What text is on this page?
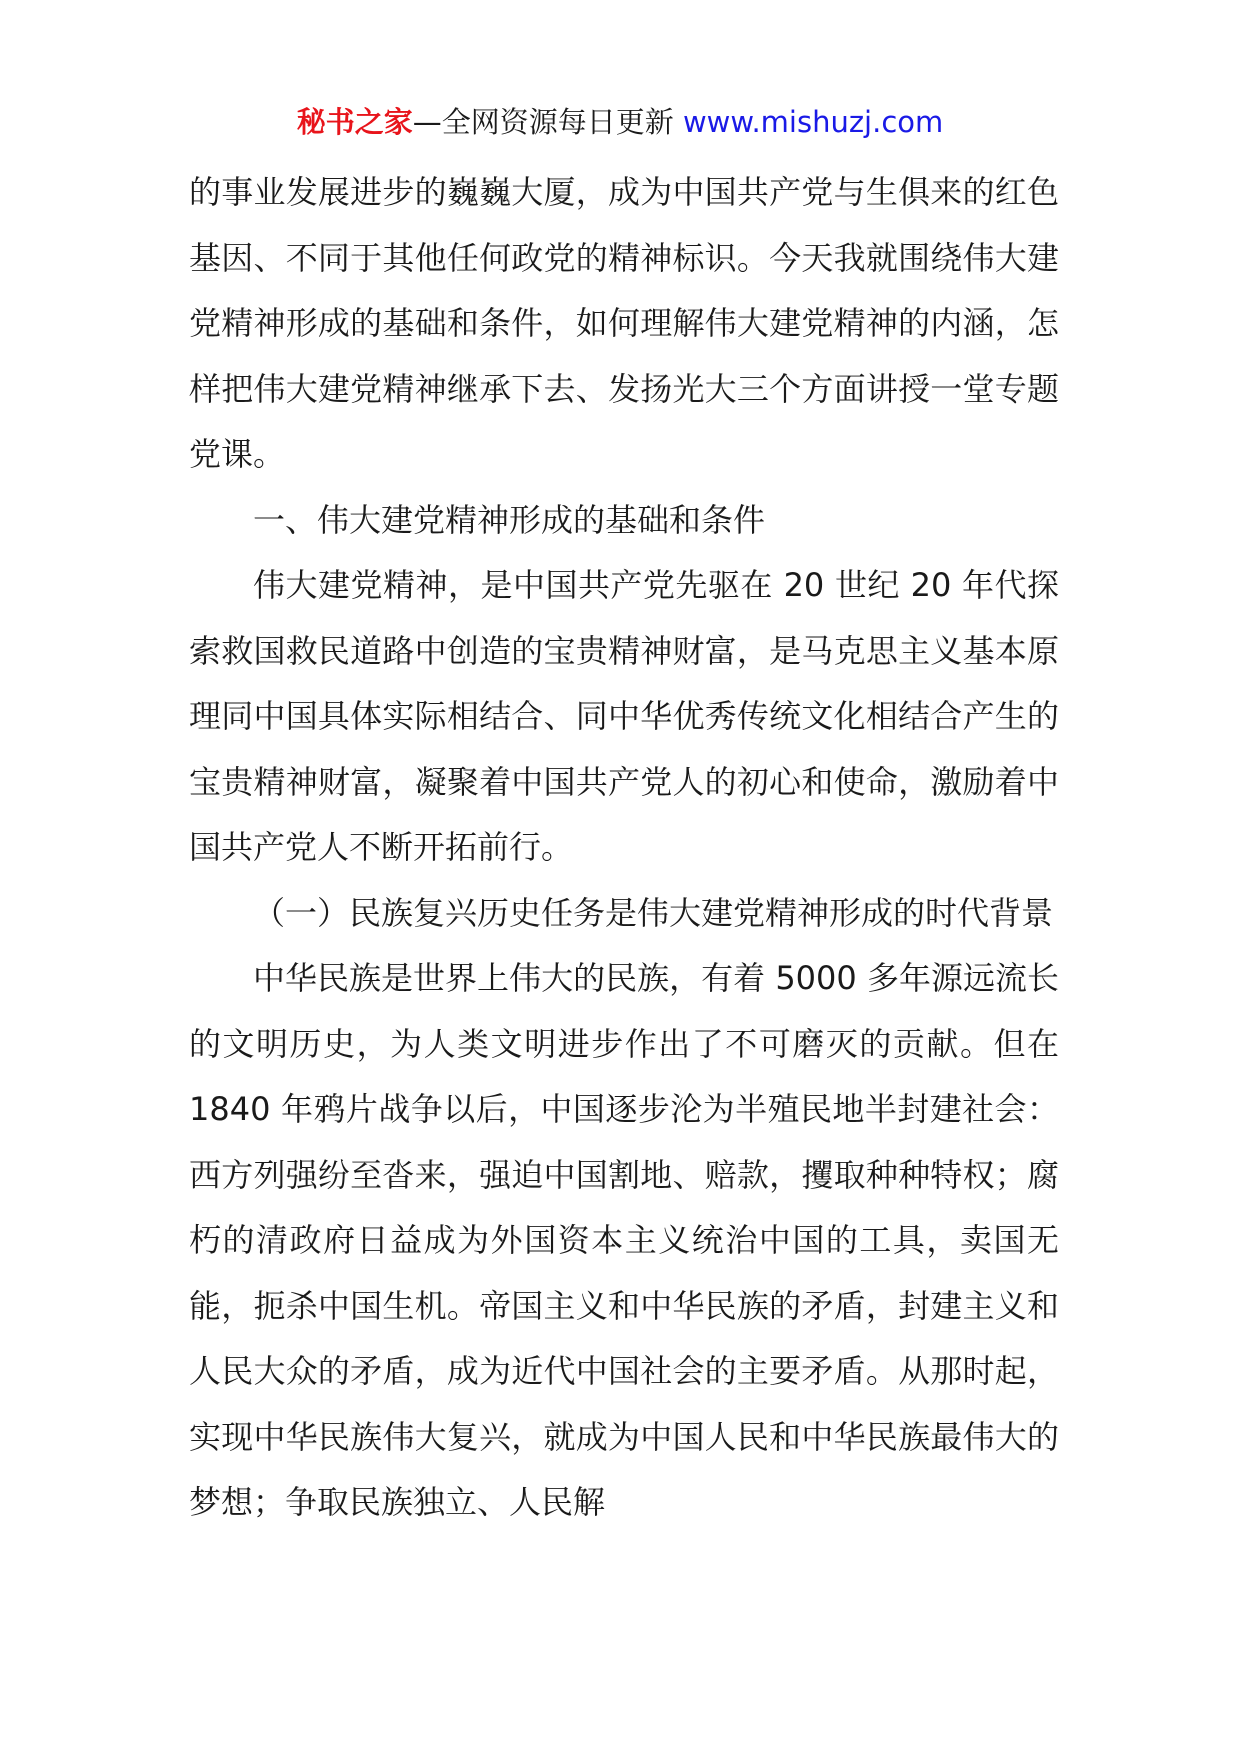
秘书之家—全网资源每日更新 www.mishuzj.com

的事业发展进步的巍巍大厦，成为中国共产党与生俱来的红色基因、不同于其他任何政党的精神标识。今天我就围绕伟大建党精神形成的基础和条件，如何理解伟大建党精神的内涵，怎样把伟大建党精神继承下去、发扬光大三个方面讲授一堂专题党课。

一、伟大建党精神形成的基础和条件

伟大建党精神，是中国共产党先驱在 20 世纪 20 年代探索救国救民道路中创造的宝贵精神财富，是马克思主义基本原理同中国具体实际相结合、同中华优秀传统文化相结合产生的宝贵精神财富，凝聚着中国共产党人的初心和使命，激励着中国共产党人不断开拓前行。

（一）民族复兴历史任务是伟大建党精神形成的时代背景

中华民族是世界上伟大的民族，有着 5000 多年源远流长的文明历史，为人类文明进步作出了不可磨灭的贡献。但在 1840 年鸦片战争以后，中国逐步沦为半殖民地半封建社会：西方列强纷至沓来，强迫中国割地、赔款，攫取种种特权；腐朽的清政府日益成为外国资本主义统治中国的工具，卖国无能，扼杀中国生机。帝国主义和中华民族的矛盾，封建主义和人民大众的矛盾，成为近代中国社会的主要矛盾。从那时起，实现中华民族伟大复兴，就成为中国人民和中华民族最伟大的梦想；争取民族独立、人民解
